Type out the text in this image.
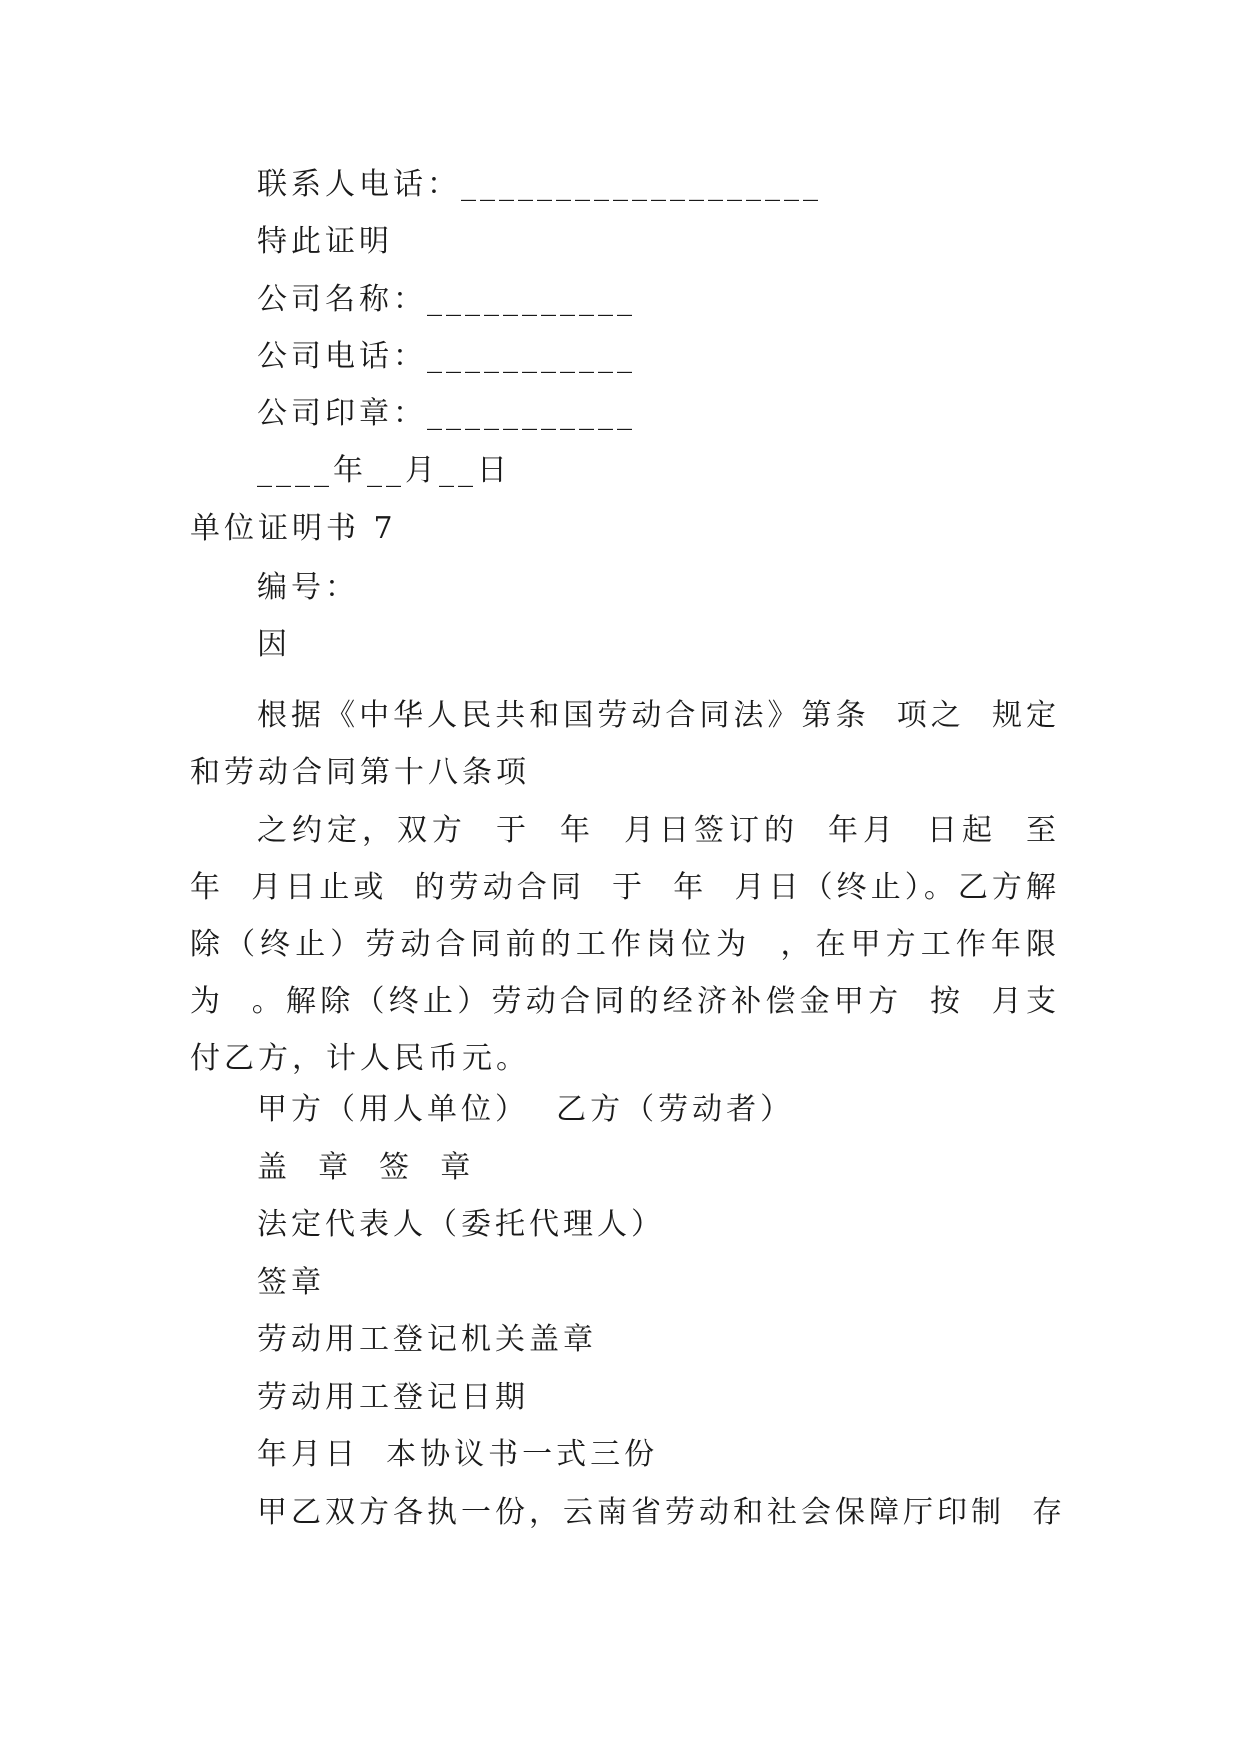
联系人电话：___________________
特此证明
公司名称：___________
公司电话：___________
公司印章：___________
____年__月__日
单位证明书 7
编号：
因

根据《中华人民共和国劳动合同法》第条  项之  规定和劳动合同第十八条项

之约定，双方  于  年  月日签订的  年月  日起  至  年  月日止或  的劳动合同  于  年  月日（终止）。乙方解除（终止）劳动合同前的工作岗位为  ，在甲方工作年限  为  。解除（终止）劳动合同的经济补偿金甲方  按  月支付乙方，计人民币元。

甲方（用人单位）  乙方（劳动者）
盖  章  签  章
法定代表人（委托代理人）
签章
劳动用工登记机关盖章
劳动用工登记日期
年月日  本协议书一式三份
甲乙双方各执一份，云南省劳动和社会保障厅印制  存
